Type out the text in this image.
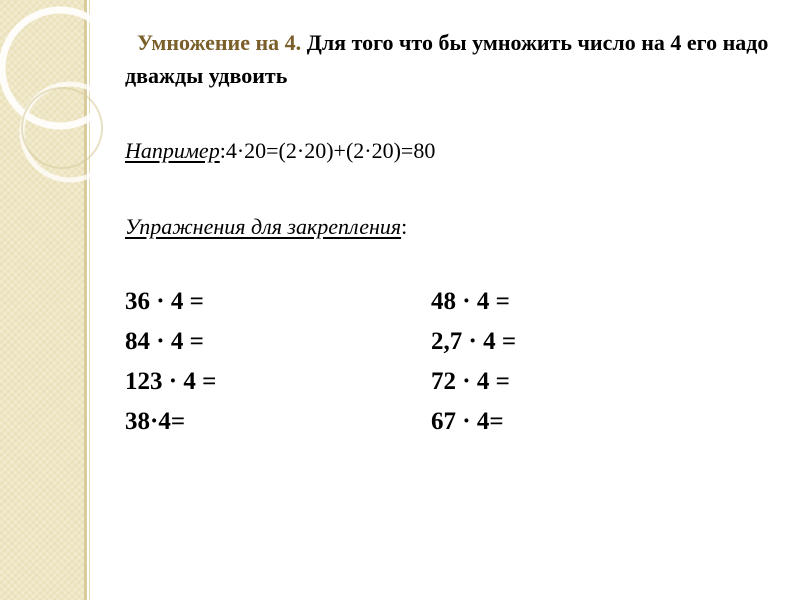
Умножение на 4. Для того что бы умножить число на 4 его надо дважды удвоить

Например:4·20=(2·20)+(2·20)=80
Упражнения для закрепления:
36 · 4 =	48 · 4 =
84 · 4 =	2,7 · 4 =
123 · 4 =	72 · 4 =
38·4=	67 · 4=
